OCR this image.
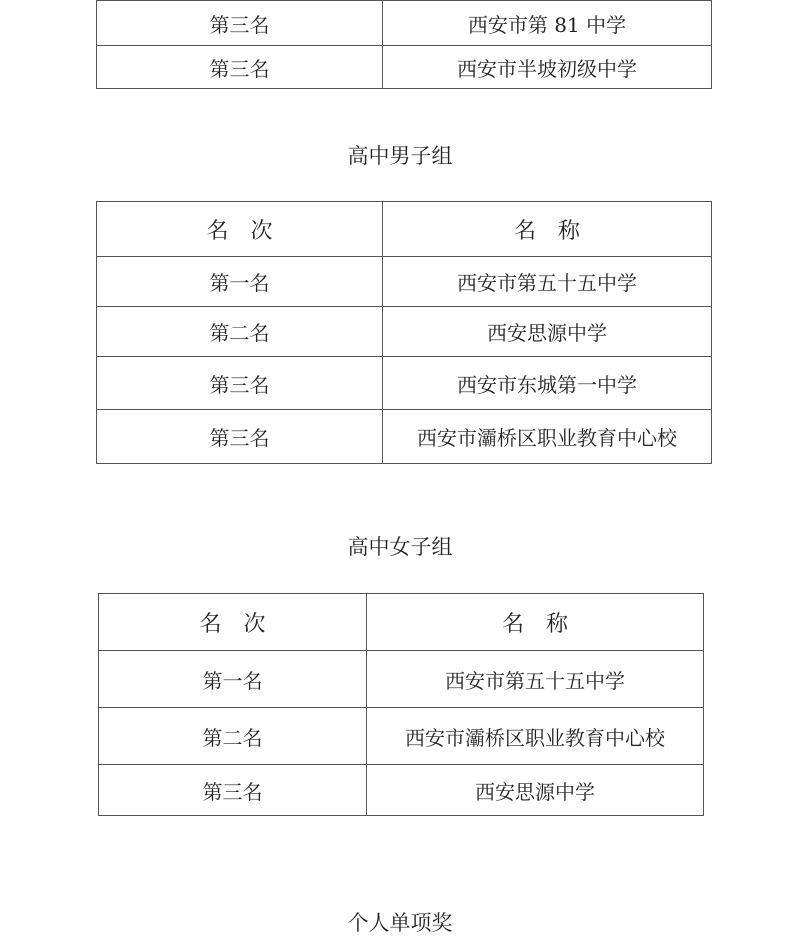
第三名	西安市第 81 中学
第三名	西安市半坡初级中学
高中男子组
名　次	名　称
第一名	西安市第五十五中学
第二名	西安思源中学
第三名	西安市东城第一中学
第三名	西安市灞桥区职业教育中心校
高中女子组
名　次	名　称
第一名	西安市第五十五中学
第二名	西安市灞桥区职业教育中心校
第三名	西安思源中学
个人单项奖
